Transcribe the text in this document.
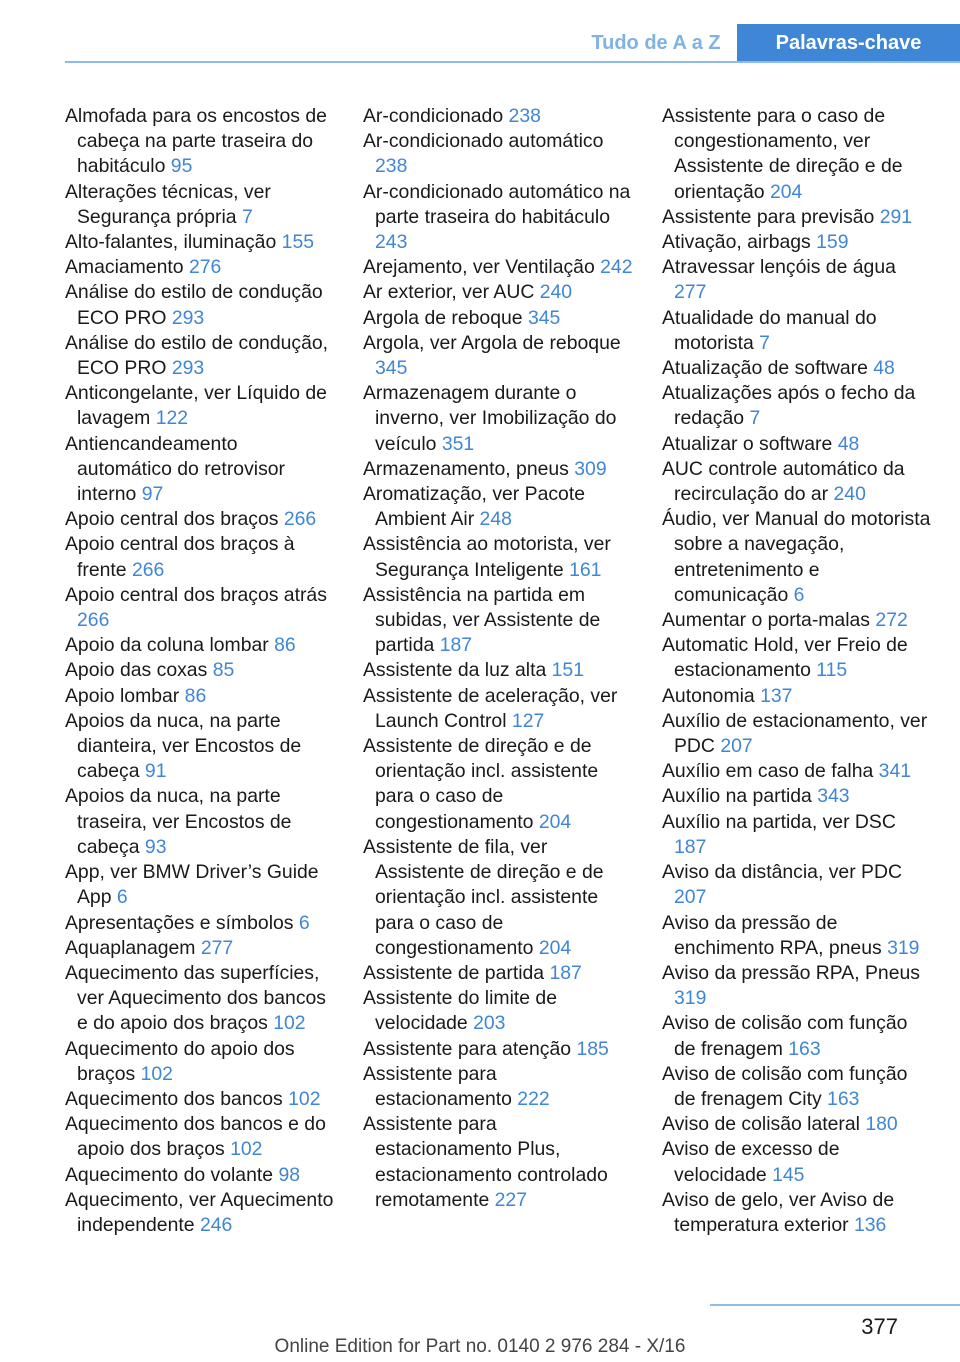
Tudo de A a Z	Palavras-chave

Almofada para os encostos de cabeça na parte traseira do habitáculo 95

Alterações técnicas, ver Segurança própria 7

Alto-falantes, iluminação 155

Amaciamento 276

Análise do estilo de condução ECO PRO 293

Análise do estilo de condução, ECO PRO 293

Anticongelante, ver Líquido de lavagem 122

Antiencandeamento automático do retrovisor interno 97

Apoio central dos braços 266

Apoio central dos braços à frente 266

Apoio central dos braços atrás 266

Apoio da coluna lombar 86

Apoio das coxas 85

Apoio lombar 86

Apoios da nuca, na parte dianteira, ver Encostos de cabeça 91

Apoios da nuca, na parte traseira, ver Encostos de cabeça 93

App, ver BMW Driver’s Guide App 6

Apresentações e símbolos 6

Aquaplanagem 277

Aquecimento das superfícies, ver Aquecimento dos bancos e do apoio dos braços 102

Aquecimento do apoio dos braços 102

Aquecimento dos bancos 102

Aquecimento dos bancos e do apoio dos braços 102

Aquecimento do volante 98

Aquecimento, ver Aquecimento independente 246

Ar-condicionado 238

Ar-condicionado automático 238

Ar-condicionado automático na parte traseira do habitáculo 243

Arejamento, ver Ventilação 242

Ar exterior, ver AUC 240

Argola de reboque 345

Argola, ver Argola de reboque 345

Armazenagem durante o inverno, ver Imobilização do veículo 351

Armazenamento, pneus 309

Aromatização, ver Pacote Ambient Air 248

Assistência ao motorista, ver Segurança Inteligente 161

Assistência na partida em subidas, ver Assistente de partida 187

Assistente da luz alta 151

Assistente de aceleração, ver Launch Control 127

Assistente de direção e de orientação incl. assistente para o caso de congestionamento 204

Assistente de fila, ver Assistente de direção e de orientação incl. assistente para o caso de congestionamento 204

Assistente de partida 187

Assistente do limite de velocidade 203

Assistente para atenção 185

Assistente para estacionamento 222

Assistente para estacionamento Plus, estacionamento controlado remotamente 227

Assistente para o caso de congestionamento, ver Assistente de direção e de orientação 204

Assistente para previsão 291

Ativação, airbags 159

Atravessar lençóis de água 277

Atualidade do manual do motorista 7

Atualização de software 48

Atualizações após o fecho da redação 7

Atualizar o software 48

AUC controle automático da recirculação do ar 240

Áudio, ver Manual do motorista sobre a navegação, entretenimento e comunicação 6

Aumentar o porta-malas 272

Automatic Hold, ver Freio de estacionamento 115

Autonomia 137

Auxílio de estacionamento, ver PDC 207

Auxílio em caso de falha 341

Auxílio na partida 343

Auxílio na partida, ver DSC 187

Aviso da distância, ver PDC 207

Aviso da pressão de enchimento RPA, pneus 319

Aviso da pressão RPA, Pneus 319

Aviso de colisão com função de frenagem 163

Aviso de colisão com função de frenagem City 163

Aviso de colisão lateral 180

Aviso de excesso de velocidade 145

Aviso de gelo, ver Aviso de temperatura exterior 136

377
Online Edition for Part no. 0140 2 976 284 - X/16
